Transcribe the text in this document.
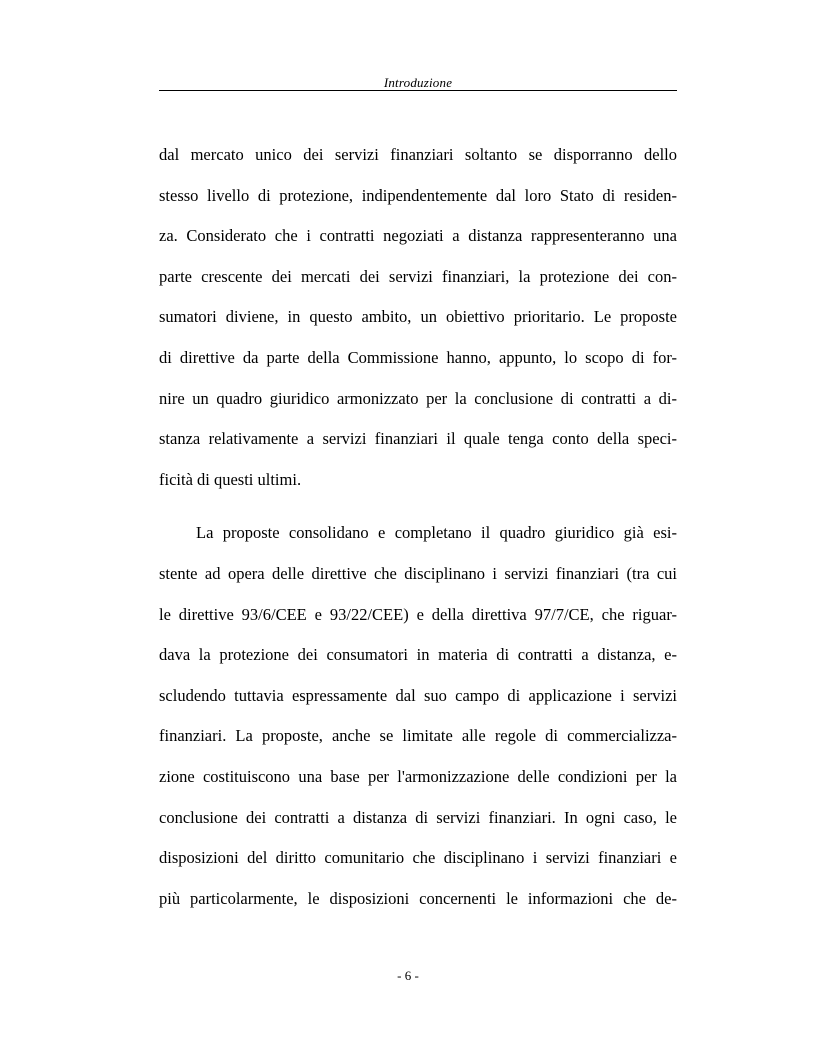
Introduzione
dal mercato unico dei servizi finanziari soltanto se disporranno dello
stesso livello di protezione, indipendentemente dal loro Stato di residen-
za. Considerato che i contratti negoziati a distanza rappresenteranno una
parte crescente dei mercati dei servizi finanziari, la protezione dei con-
sumatori diviene, in questo ambito, un obiettivo prioritario. Le proposte
di direttive da parte della Commissione hanno, appunto, lo scopo di for-
nire un quadro giuridico armonizzato per la conclusione di contratti a di-
stanza relativamente a servizi finanziari il quale tenga conto della speci-
ficità di questi ultimi.
La proposte consolidano e completano il quadro giuridico già esi-
stente ad opera delle direttive che disciplinano i servizi finanziari (tra cui
le direttive 93/6/CEE e 93/22/CEE) e della direttiva 97/7/CE, che riguar-
dava la protezione dei consumatori in materia di contratti a distanza, e-
scludendo tuttavia espressamente dal suo campo di applicazione i servizi
finanziari. La proposte, anche se limitate alle regole di commercializza-
zione costituiscono una base per l'armonizzazione delle condizioni per la
conclusione dei contratti a distanza di servizi finanziari. In ogni caso, le
disposizioni del diritto comunitario che disciplinano i servizi finanziari e
più particolarmente, le disposizioni concernenti le informazioni che de-
- 6 -
